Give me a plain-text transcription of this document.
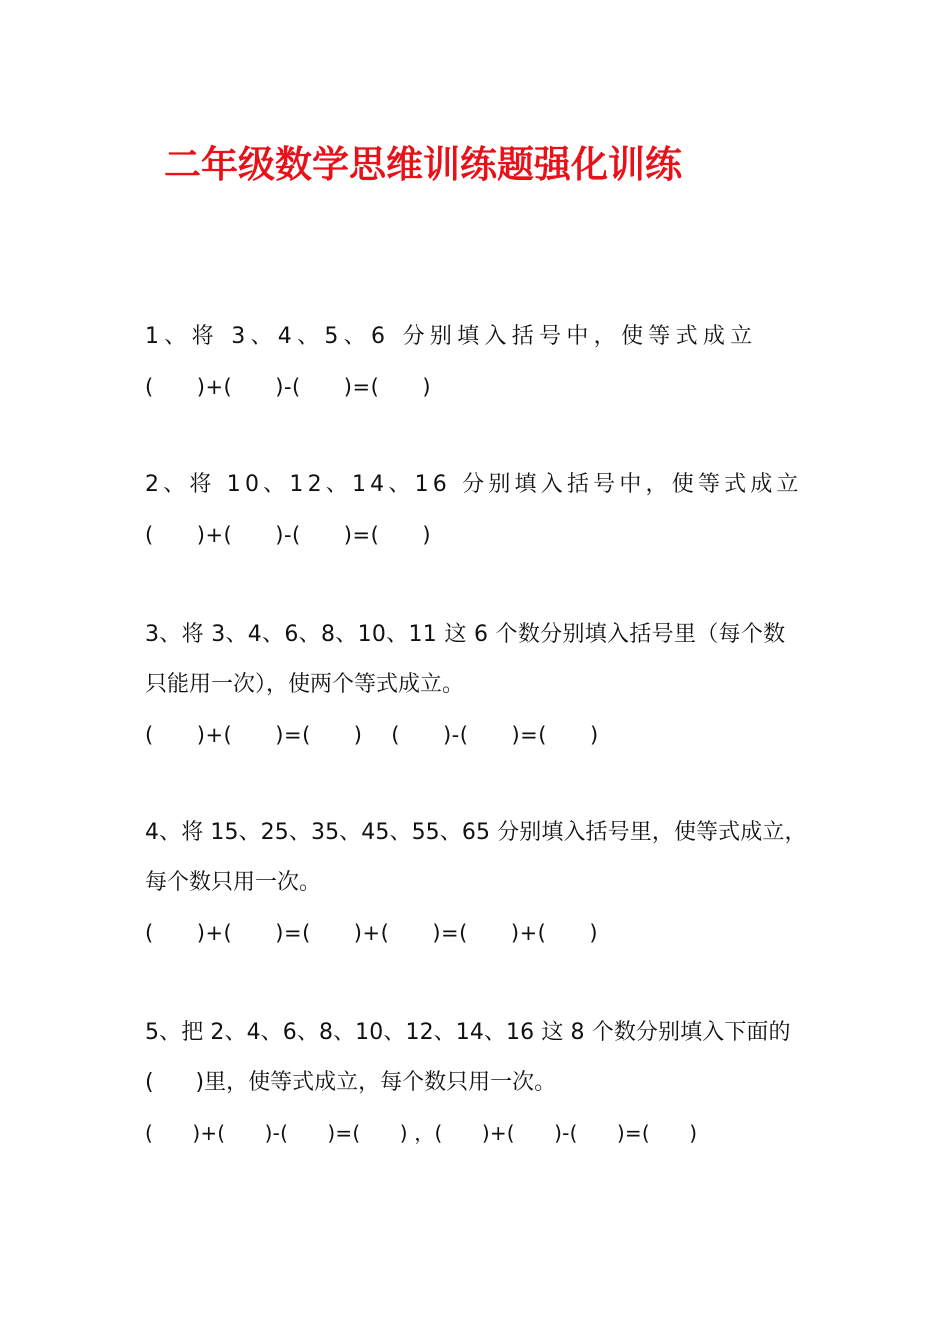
二年级数学思维训练题强化训练
1、将 3、4、5、6 分别填入括号中，使等式成立
(      )+(      )-(      )=(      )
2、将 10、12、14、16 分别填入括号中，使等式成立
(      )+(      )-(      )=(      )
3、将 3、4、6、8、10、11 这 6 个数分别填入括号里（每个数
只能用一次），使两个等式成立。
(      )+(      )=(      )    (      )-(      )=(      )
4、将 15、25、35、45、55、65 分别填入括号里，使等式成立，
每个数只用一次。
(      )+(      )=(      )+(      )=(      )+(      )
5、把 2、4、6、8、10、12、14、16 这 8 个数分别填入下面的
(      )里，使等式成立，每个数只用一次。
(      )+(      )-(      )=(      ) ，(      )+(      )-(      )=(      )
